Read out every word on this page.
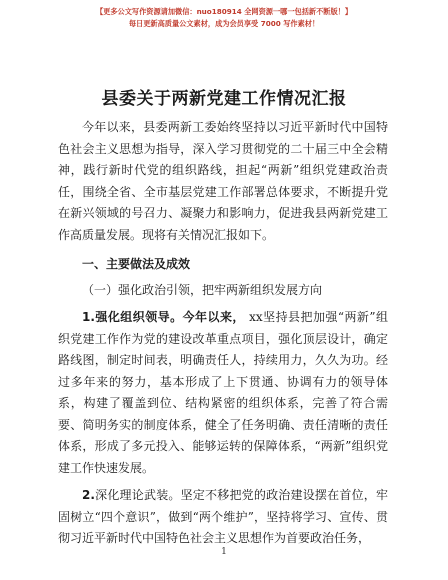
【更多公文写作资源请加微信：nuo180914 全网资源一哪一包括新不断版！】
每日更新高质量公文素材，成为会员享受 7000 写作素材！
县委关于两新党建工作情况汇报

今年以来，县委两新工委始终坚持以习近平新时代中国特色社会主义思想为指导，深入学习贯彻党的二十届三中全会精神，践行新时代党的组织路线，担起“两新”组织党建政治责任，围绕全省、全市基层党建工作部署总体要求，不断提升党在新兴领域的号召力、凝聚力和影响力，促进我县两新党建工作高质量发展。现将有关情况汇报如下。

一、主要做法及成效

（一）强化政治引领，把牢两新组织发展方向

1.强化组织领导。今年以来， xx坚持县把加强“两新”组织党建工作作为党的建设改革重点项目，强化顶层设计，确定路线图，制定时间表，明确责任人，持续用力，久久为功。经过多年来的努力，基本形成了上下贯通、协调有力的领导体系，构建了覆盖到位、结构紧密的组织体系，完善了符合需要、简明务实的制度体系，健全了任务明确、责任清晰的责任体系，形成了多元投入、能够运转的保障体系，“两新”组织党建工作快速发展。

2.深化理论武装。坚定不移把党的政治建设摆在首位，牢固树立“四个意识”，做到“两个维护”，坚持将学习、宣传、贯彻习近平新时代中国特色社会主义思想作为首要政治任务，

1
